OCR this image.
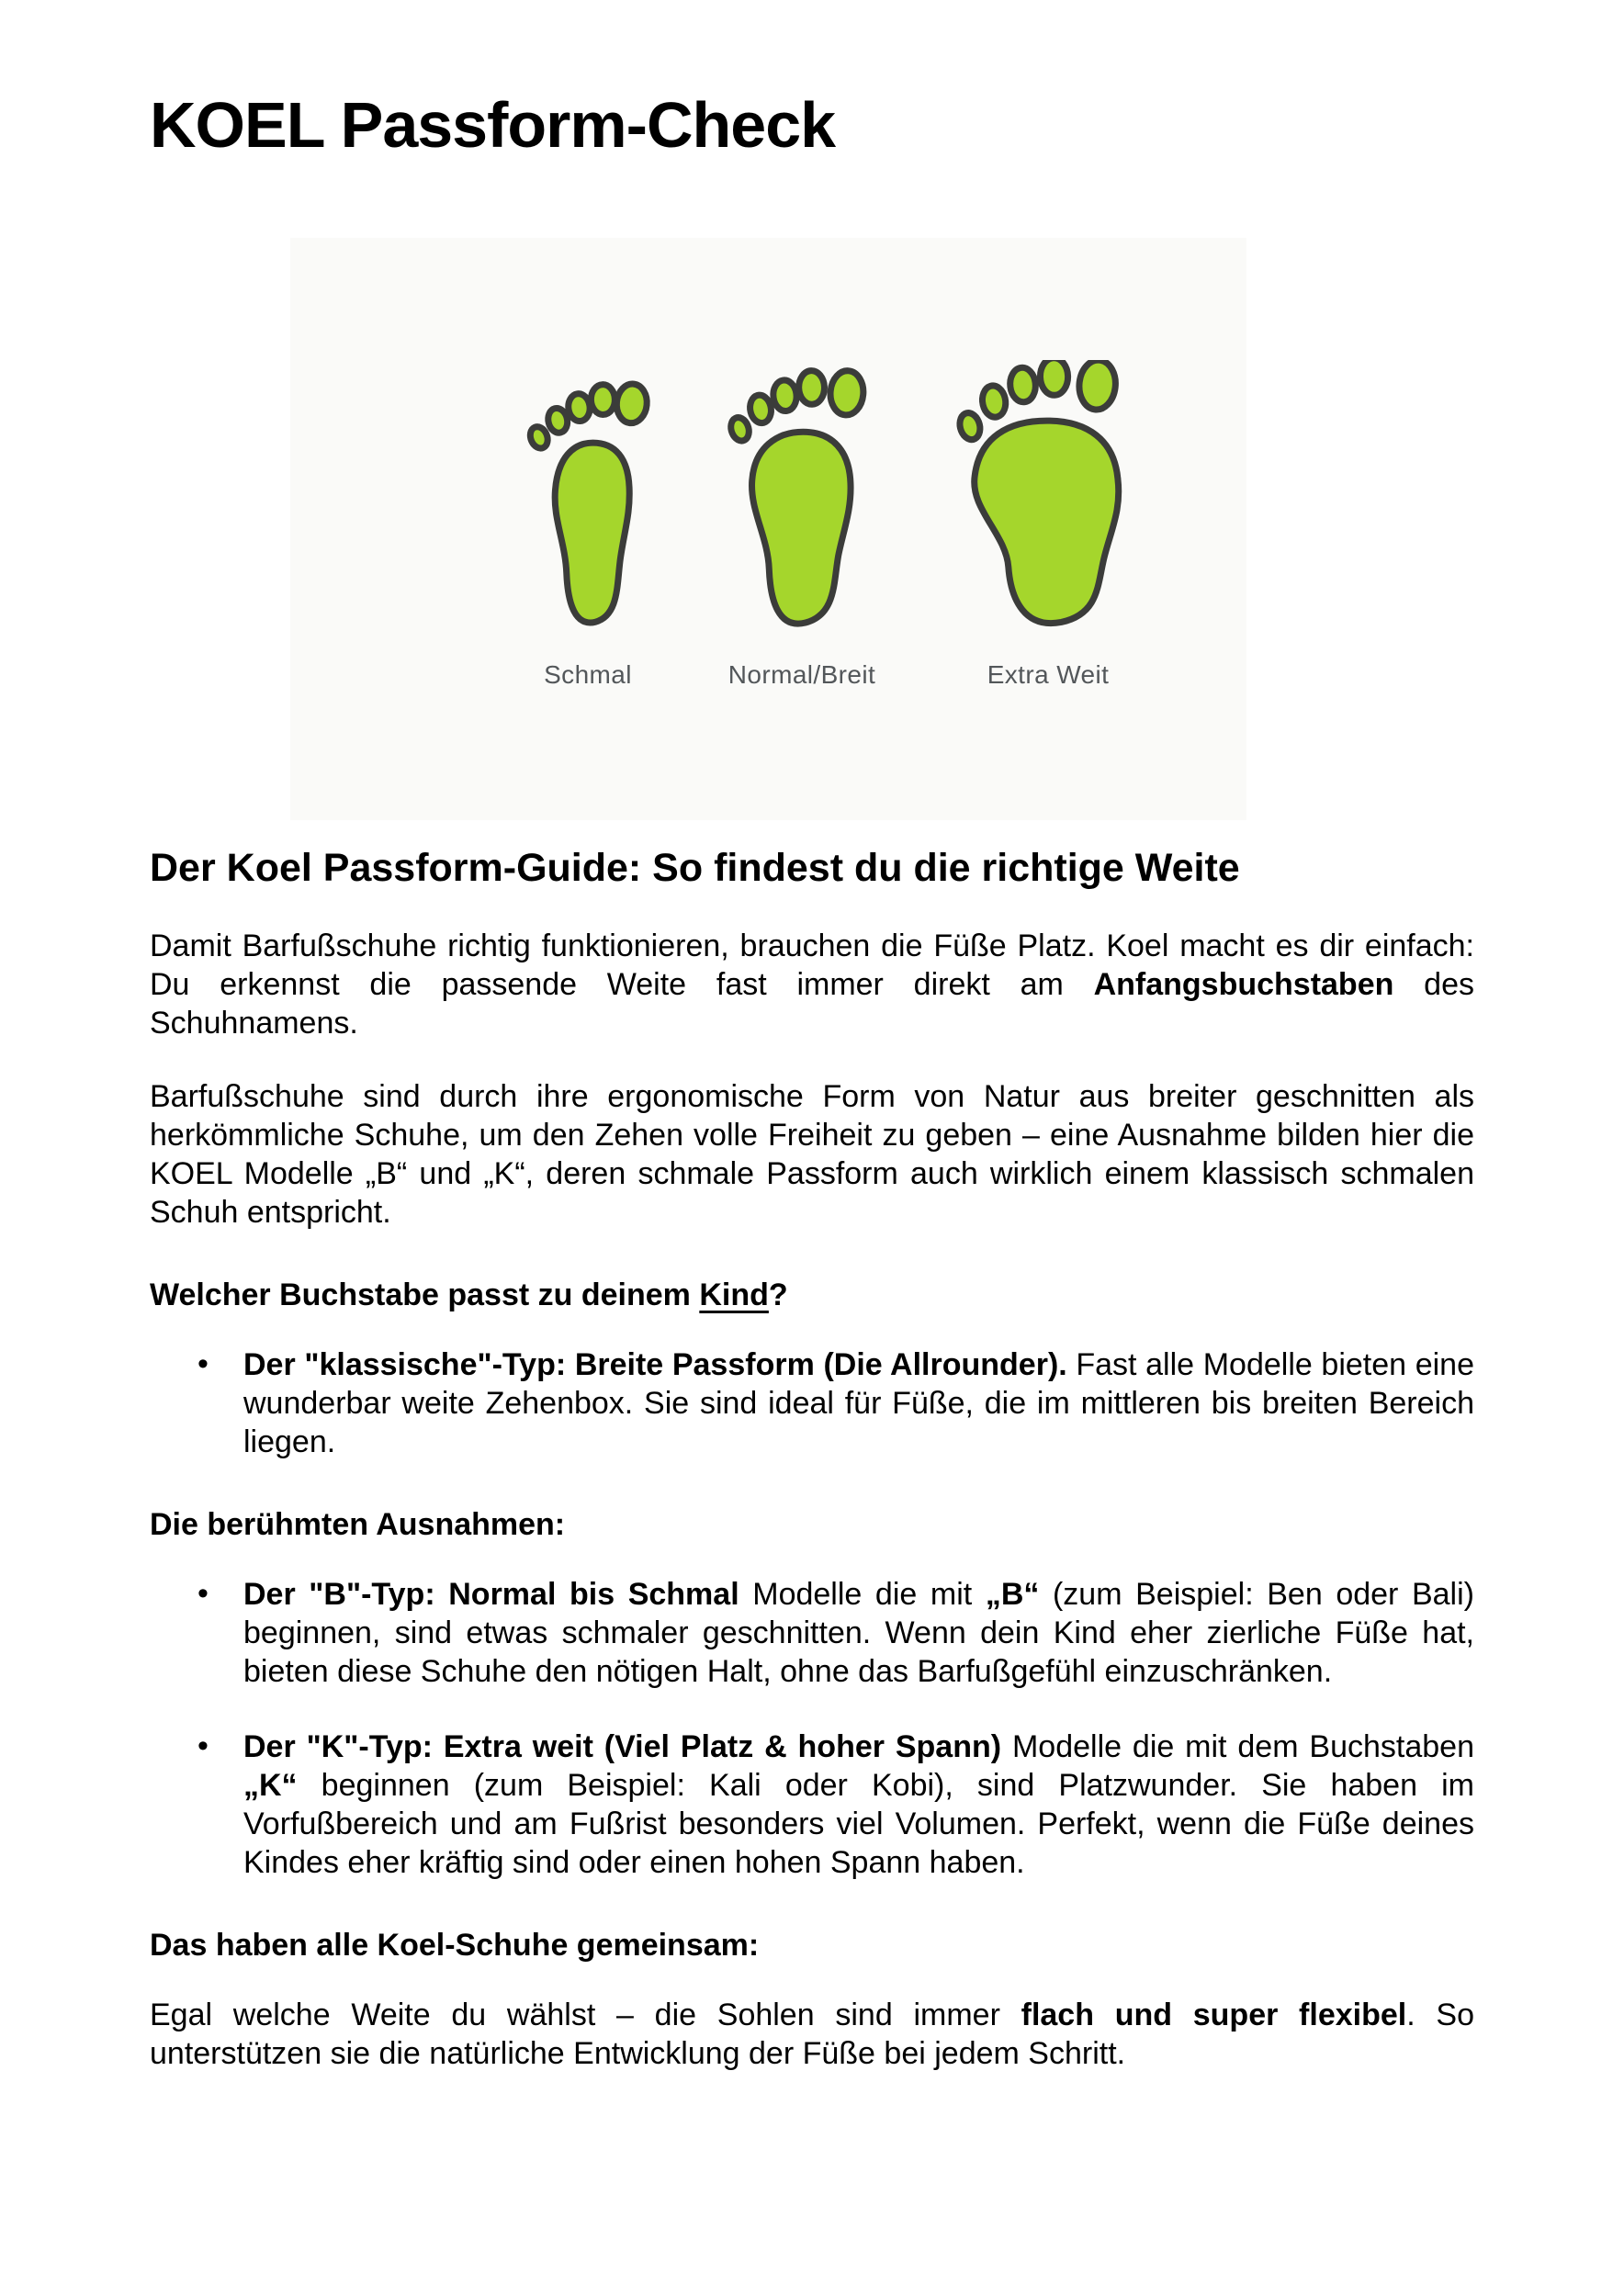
KOEL Passform-Check
Schmal	Normal/Breit	Extra Weit
Der Koel Passform-Guide: So findest du die richtige Weite

Damit Barfußschuhe richtig funktionieren, brauchen die Füße Platz. Koel macht es dir einfach: Du erkennst die passende Weite fast immer direkt am Anfangsbuchstaben des Schuhnamens.

Barfußschuhe sind durch ihre ergonomische Form von Natur aus breiter geschnitten als herkömmliche Schuhe, um den Zehen volle Freiheit zu geben – eine Ausnahme bilden hier die KOEL Modelle „B“ und „K“, deren schmale Passform auch wirklich einem klassisch schmalen Schuh entspricht.

Welcher Buchstabe passt zu deinem Kind?
• Der "klassische"-Typ: Breite Passform (Die Allrounder). Fast alle Modelle bieten eine wunderbar weite Zehenbox. Sie sind ideal für Füße, die im mittleren bis breiten Bereich liegen.
Die berühmten Ausnahmen:
• Der "B"-Typ: Normal bis Schmal Modelle die mit „B“ (zum Beispiel: Ben oder Bali) beginnen, sind etwas schmaler geschnitten. Wenn dein Kind eher zierliche Füße hat, bieten diese Schuhe den nötigen Halt, ohne das Barfußgefühl einzuschränken.
• Der "K"-Typ: Extra weit (Viel Platz & hoher Spann) Modelle die mit dem Buchstaben „K“ beginnen (zum Beispiel: Kali oder Kobi), sind Platzwunder. Sie haben im Vorfußbereich und am Fußrist besonders viel Volumen. Perfekt, wenn die Füße deines Kindes eher kräftig sind oder einen hohen Spann haben.
Das haben alle Koel-Schuhe gemeinsam:

Egal welche Weite du wählst – die Sohlen sind immer flach und super flexibel. So unterstützen sie die natürliche Entwicklung der Füße bei jedem Schritt.
